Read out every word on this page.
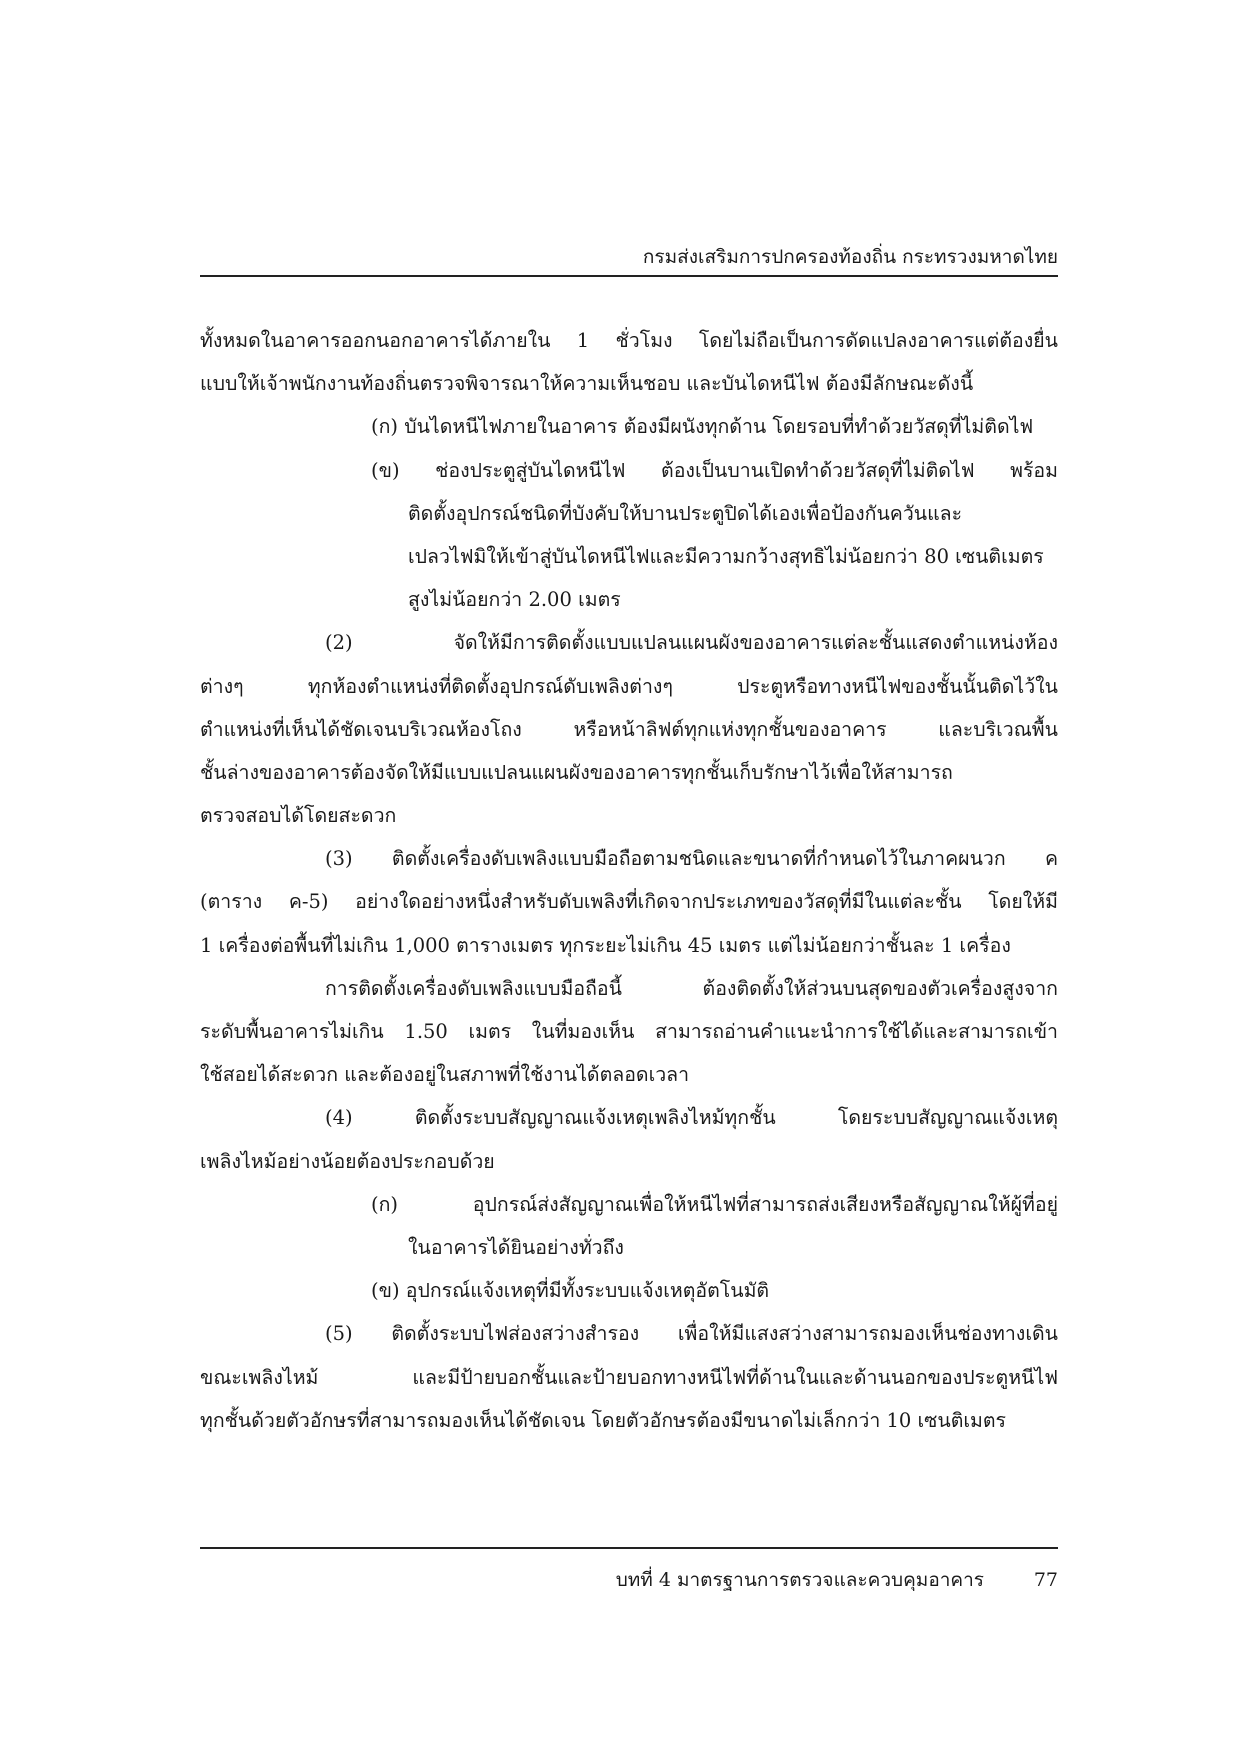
กรมส่งเสริมการปกครองท้องถิ่น กระทรวงมหาดไทย
ทั้งหมดในอาคารออกนอกอาคารได้ภายใน 1 ชั่วโมง โดยไม่ถือเป็นการดัดแปลงอาคารแต่ต้องยื่น
แบบให้เจ้าพนักงานท้องถิ่นตรวจพิจารณาให้ความเห็นชอบ และบันไดหนีไฟ ต้องมีลักษณะดังนี้
(ก) บันไดหนีไฟภายในอาคาร ต้องมีผนังทุกด้าน โดยรอบที่ทำด้วยวัสดุที่ไม่ติดไฟ
(ข) ช่องประตูสู่บันไดหนีไฟ ต้องเป็นบานเปิดทำด้วยวัสดุที่ไม่ติดไฟ พร้อม
ติดตั้งอุปกรณ์ชนิดที่บังคับให้บานประตูปิดได้เองเพื่อป้องกันควันและ
เปลวไฟมิให้เข้าสู่บันไดหนีไฟและมีความกว้างสุทธิไม่น้อยกว่า 80 เซนติเมตร
สูงไม่น้อยกว่า 2.00 เมตร
(2) จัดให้มีการติดตั้งแบบแปลนแผนผังของอาคารแต่ละชั้นแสดงตำแหน่งห้อง
ต่างๆ ทุกห้องตำแหน่งที่ติดตั้งอุปกรณ์ดับเพลิงต่างๆ ประตูหรือทางหนีไฟของชั้นนั้นติดไว้ใน
ตำแหน่งที่เห็นได้ชัดเจนบริเวณห้องโถง หรือหน้าลิฟต์ทุกแห่งทุกชั้นของอาคาร และบริเวณพื้น
ชั้นล่างของอาคารต้องจัดให้มีแบบแปลนแผนผังของอาคารทุกชั้นเก็บรักษาไว้เพื่อให้สามารถ
ตรวจสอบได้โดยสะดวก
(3) ติดตั้งเครื่องดับเพลิงแบบมือถือตามชนิดและขนาดที่กำหนดไว้ในภาคผนวก ค
(ตาราง ค-5) อย่างใดอย่างหนึ่งสำหรับดับเพลิงที่เกิดจากประเภทของวัสดุที่มีในแต่ละชั้น โดยให้มี
1 เครื่องต่อพื้นที่ไม่เกิน 1,000 ตารางเมตร ทุกระยะไม่เกิน 45 เมตร แต่ไม่น้อยกว่าชั้นละ 1 เครื่อง
การติดตั้งเครื่องดับเพลิงแบบมือถือนี้ ต้องติดตั้งให้ส่วนบนสุดของตัวเครื่องสูงจาก
ระดับพื้นอาคารไม่เกิน 1.50 เมตร ในที่มองเห็น สามารถอ่านคำแนะนำการใช้ได้และสามารถเข้า
ใช้สอยได้สะดวก และต้องอยู่ในสภาพที่ใช้งานได้ตลอดเวลา
(4) ติดตั้งระบบสัญญาณแจ้งเหตุเพลิงไหม้ทุกชั้น โดยระบบสัญญาณแจ้งเหตุ
เพลิงไหม้อย่างน้อยต้องประกอบด้วย
(ก) อุปกรณ์ส่งสัญญาณเพื่อให้หนีไฟที่สามารถส่งเสียงหรือสัญญาณให้ผู้ที่อยู่
ในอาคารได้ยินอย่างทั่วถึง
(ข) อุปกรณ์แจ้งเหตุที่มีทั้งระบบแจ้งเหตุอัตโนมัติ
(5) ติดตั้งระบบไฟส่องสว่างสำรอง เพื่อให้มีแสงสว่างสามารถมองเห็นช่องทางเดิน
ขณะเพลิงไหม้ และมีป้ายบอกชั้นและป้ายบอกทางหนีไฟที่ด้านในและด้านนอกของประตูหนีไฟ
ทุกชั้นด้วยตัวอักษรที่สามารถมองเห็นได้ชัดเจน โดยตัวอักษรต้องมีขนาดไม่เล็กกว่า 10 เซนติเมตร
บทที่ 4 มาตรฐานการตรวจและควบคุมอาคาร	77
